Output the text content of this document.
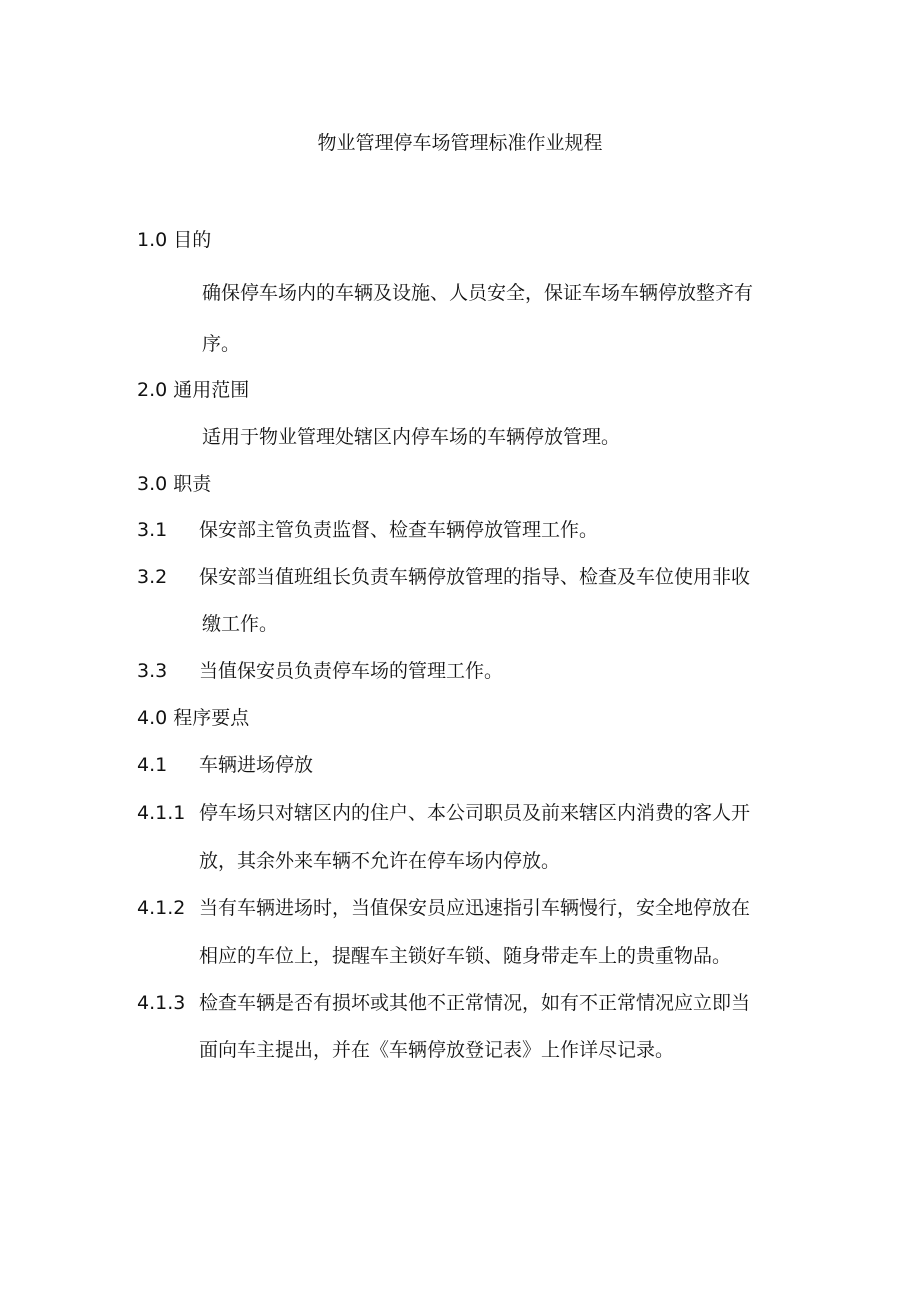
物业管理停车场管理标准作业规程
1.0 目的
确保停车场内的车辆及设施、人员安全，保证车场车辆停放整齐有
序。
2.0 通用范围
适用于物业管理处辖区内停车场的车辆停放管理。
3.0 职责
3.1 保安部主管负责监督、检查车辆停放管理工作。
3.2 保安部当值班组长负责车辆停放管理的指导、检查及车位使用非收
缴工作。
3.3 当值保安员负责停车场的管理工作。
4.0 程序要点
4.1 车辆进场停放
4.1.1 停车场只对辖区内的住户、本公司职员及前来辖区内消费的客人开
放，其余外来车辆不允许在停车场内停放。
4.1.2 当有车辆进场时，当值保安员应迅速指引车辆慢行，安全地停放在
相应的车位上，提醒车主锁好车锁、随身带走车上的贵重物品。
4.1.3 检查车辆是否有损坏或其他不正常情况，如有不正常情况应立即当
面向车主提出，并在《车辆停放登记表》上作详尽记录。
